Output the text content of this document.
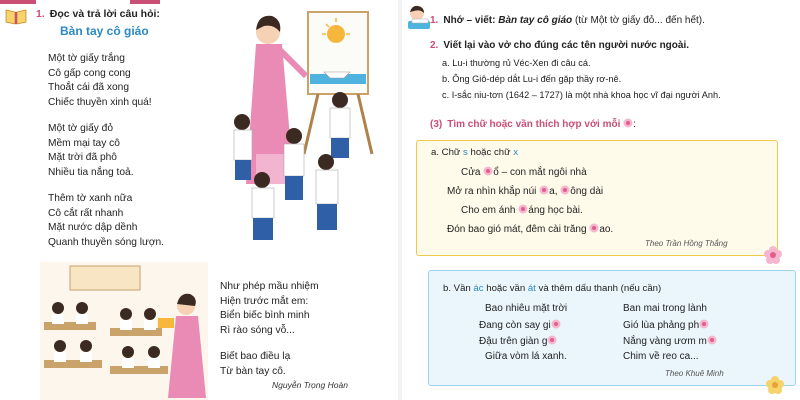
1. Đọc và trả lời câu hỏi:
Bàn tay cô giáo
Một tờ giấy trắng
Cô gấp cong cong
Thoắt cái đã xong
Chiếc thuyền xinh quá!
Một tờ giấy đỏ
Mềm mại tay cô
Mặt trời đã phô
Nhiều tia nắng toả.
Thêm tờ xanh nữa
Cô cắt rất nhanh
Mặt nước dập dềnh
Quanh thuyền sóng lượn.
Như phép mầu nhiệm
Hiện trước mắt em:
Biển biếc bình minh
Rì rào sóng vỗ...
Biết bao điều lạ
Từ bàn tay cô.
Nguyễn Trọng Hoàn
1. Nhớ – viết: Bàn tay cô giáo (từ Một tờ giấy đỏ... đến hết).
2. Viết lại vào vở cho đúng các tên người nước ngoài.
a. Lu-i thường rủ Véc-Xen đi câu cá.
b. Ông Giô-dép dắt Lu-i đến gặp thầy rơ-nê.
c. I-sắc niu-tơn (1642 – 1727) là một nhà khoa học vĩ đại người Anh.
(3) Tìm chữ hoặc vần thích hợp với mỗi :
a. Chữ s hoặc chữ x
Cửa ổ – con mắt ngôi nhà
Mở ra nhìn khắp núi a, ông dài
Cho em ánh áng học bài.
Đón bao gió mát, đêm cài trăng ao.
Theo Trần Hồng Thắng
b. Vần ác hoặc vần át và thêm dấu thanh (nếu cần)
Bao nhiêu mặt trời
Đang còn say gi
Đậu trên giàn g
Giữa vòm lá xanh.
Ban mai trong lành
Gió lùa phảng ph
Nắng vàng ươm m
Chim về reo ca...
Theo Khuê Minh
